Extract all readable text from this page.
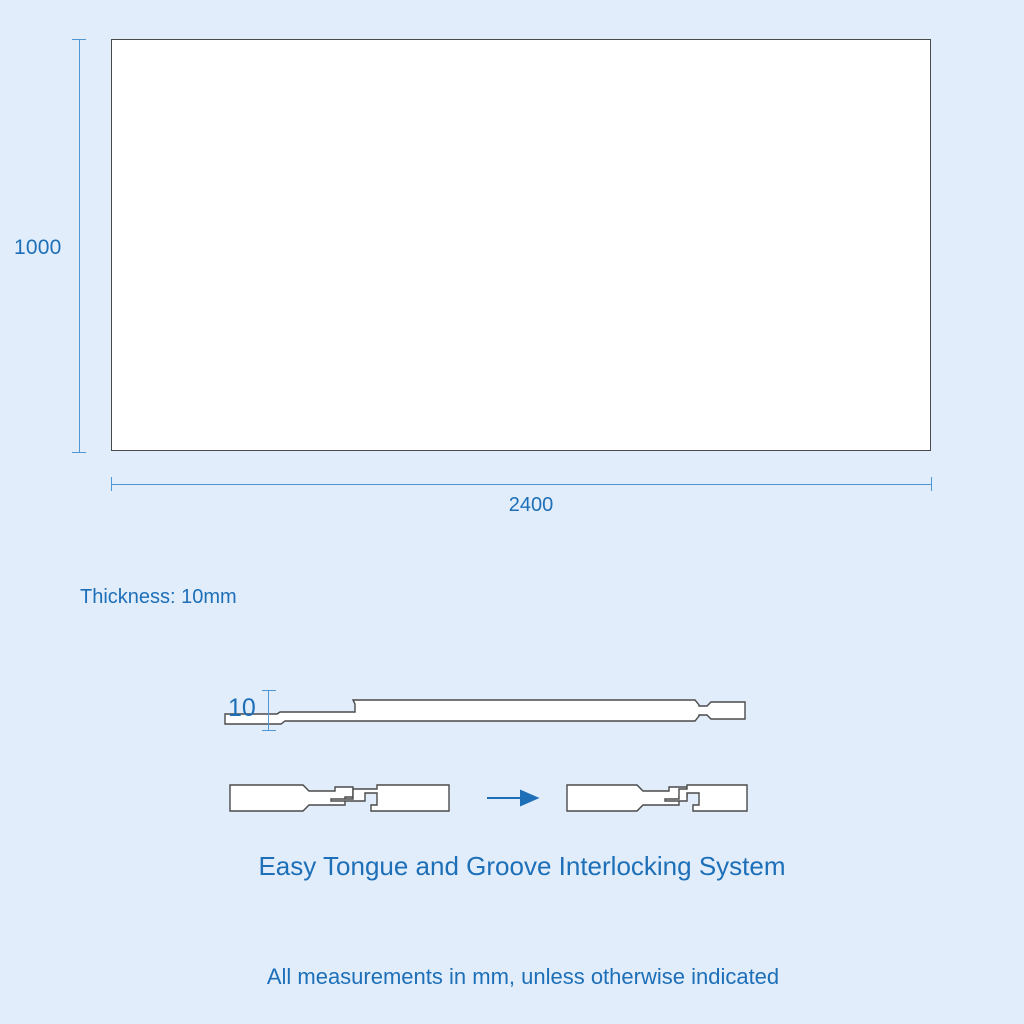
1000
2400
Thickness: 10mm
10
Easy Tongue and Groove Interlocking System
All measurements in mm, unless otherwise indicated
